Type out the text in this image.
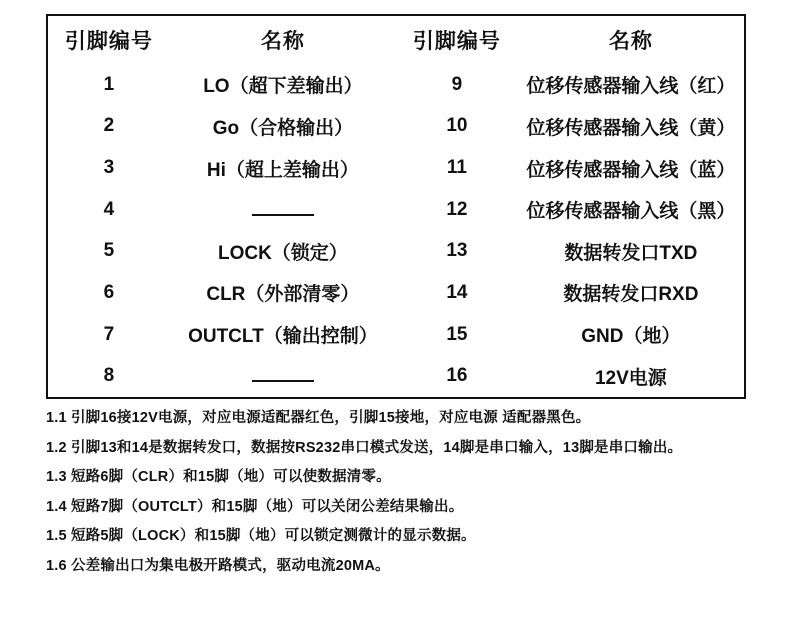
引脚编号	名称	引脚编号	名称
1	LO（超下差输出）	9	位移传感器输入线（红）
2	Go（合格输出）	10	位移传感器输入线（黄）
3	Hi（超上差输出）	11	位移传感器输入线（蓝）
4		12	位移传感器输入线（黑）
5	LOCK（锁定）	13	数据转发口TXD
6	CLR（外部清零）	14	数据转发口RXD
7	OUTCLT（输出控制）	15	GND（地）
8		16	12V电源

1.1 引脚16接12V电源，对应电源适配器红色，引脚15接地，对应电源 适配器黑色。

1.2 引脚13和14是数据转发口，数据按RS232串口模式发送，14脚是串口输入，13脚是串口输出。

1.3 短路6脚（CLR）和15脚（地）可以使数据清零。

1.4 短路7脚（OUTCLT）和15脚（地）可以关闭公差结果输出。

1.5 短路5脚（LOCK）和15脚（地）可以锁定测微计的显示数据。

1.6 公差输出口为集电极开路模式，驱动电流20MA。
